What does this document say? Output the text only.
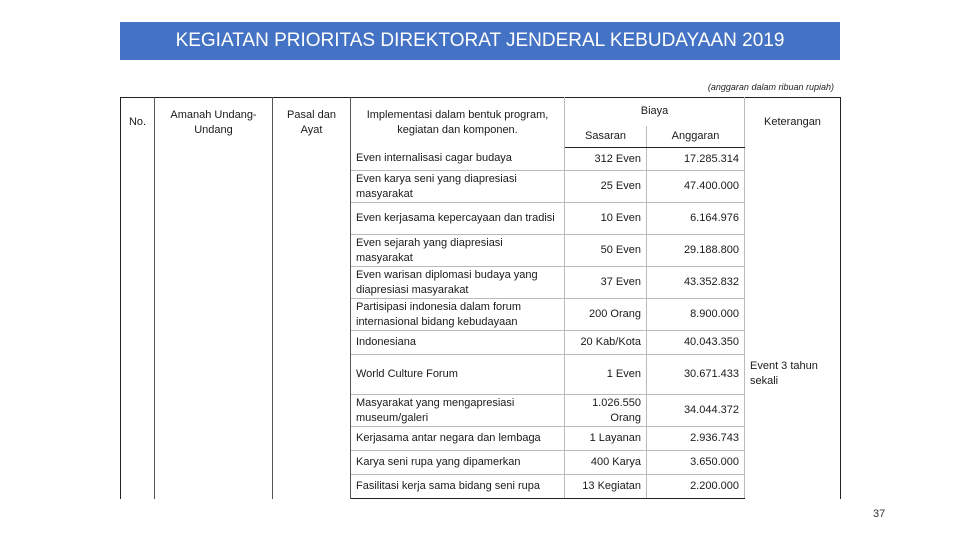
KEGIATAN PRIORITAS DIREKTORAT JENDERAL KEBUDAYAAN 2019
(anggaran dalam ribuan rupiah)
No.	Amanah Undang- Undang	Pasal dan Ayat	Implementasi dalam bentuk program, kegiatan dan komponen.	Biaya		Keterangan
				Sasaran	Anggaran	
			Even internalisasi cagar budaya	312 Even	17.285.314	
			Even karya seni yang diapresiasi masyarakat	25 Even	47.400.000	
			Even kerjasama kepercayaan dan tradisi	10 Even	6.164.976	
			Even sejarah yang diapresiasi masyarakat	50 Even	29.188.800	
			Even warisan diplomasi budaya yang diapresiasi masyarakat	37 Even	43.352.832	
			Partisipasi indonesia dalam forum internasional bidang kebudayaan	200 Orang	8.900.000	
			Indonesiana	20 Kab/Kota	40.043.350	
			World Culture Forum	1 Even	30.671.433	Event 3 tahun sekali
			Masyarakat yang mengapresiasi museum/galeri	1.026.550 Orang	34.044.372	
			Kerjasama antar negara dan lembaga	1 Layanan	2.936.743	
			Karya seni rupa yang dipamerkan	400 Karya	3.650.000	
			Fasilitasi kerja sama bidang seni rupa	13 Kegiatan	2.200.000	
37
